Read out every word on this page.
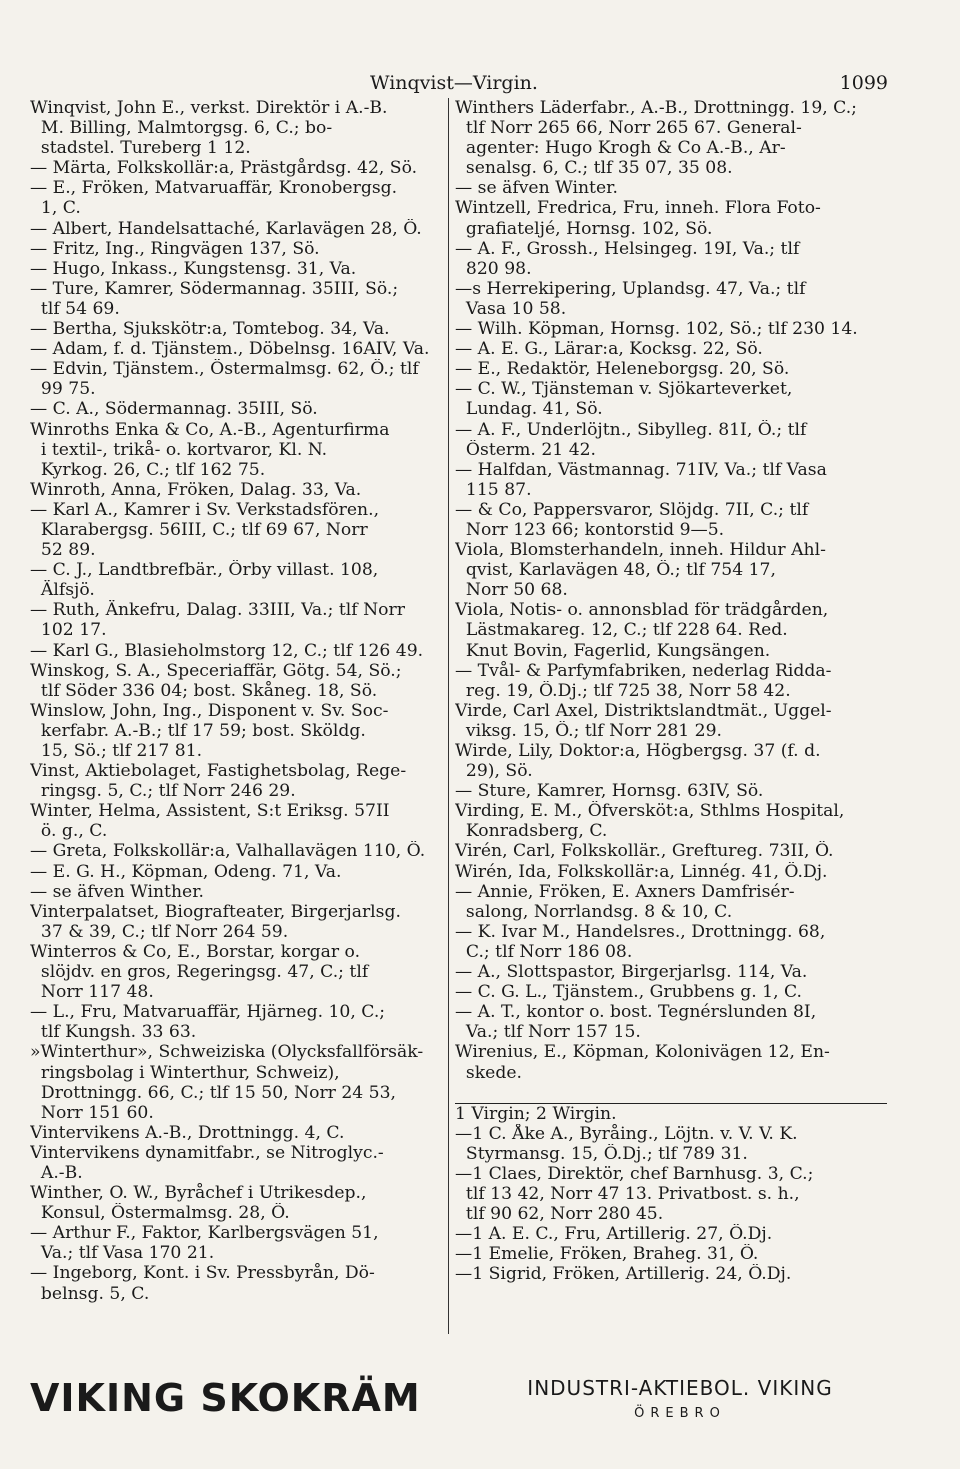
Winqvist—Virgin.	1099
Winqvist, John E., verkst. Direktör i A.-B.
M. Billing, Malmtorgsg. 6, C.; bo-
stadstel. Tureberg 1 12.
— Märta, Folkskollär:a, Prästgårdsg. 42, Sö.
— E., Fröken, Matvaruaffär, Kronobergsg.
1, C.
— Albert, Handelsattaché, Karlavägen 28, Ö.
— Fritz, Ing., Ringvägen 137, Sö.
— Hugo, Inkass., Kungstensg. 31, Va.
— Ture, Kamrer, Södermannag. 35III, Sö.;
tlf 54 69.
— Bertha, Sjukskötr:a, Tomtebog. 34, Va.
— Adam, f. d. Tjänstem., Döbelnsg. 16AIV, Va.
— Edvin, Tjänstem., Östermalmsg. 62, Ö.; tlf
99 75.
— C. A., Södermannag. 35III, Sö.
Winroths Enka & Co, A.-B., Agenturfirma
i textil-, trikå- o. kortvaror, Kl. N.
Kyrkog. 26, C.; tlf 162 75.
Winroth, Anna, Fröken, Dalag. 33, Va.
— Karl A., Kamrer i Sv. Verkstadsfören.,
Klarabergsg. 56III, C.; tlf 69 67, Norr
52 89.
— C. J., Landtbrefbär., Örby villast. 108,
Älfsjö.
— Ruth, Änkefru, Dalag. 33III, Va.; tlf Norr
102 17.
— Karl G., Blasieholmstorg 12, C.; tlf 126 49.
Winskog, S. A., Speceriaffär, Götg. 54, Sö.;
tlf Söder 336 04; bost. Skåneg. 18, Sö.
Winslow, John, Ing., Disponent v. Sv. Soc-
kerfabr. A.-B.; tlf 17 59; bost. Sköldg.
15, Sö.; tlf 217 81.
Vinst, Aktiebolaget, Fastighetsbolag, Rege-
ringsg. 5, C.; tlf Norr 246 29.
Winter, Helma, Assistent, S:t Eriksg. 57II
ö. g., C.
— Greta, Folkskollär:a, Valhallavägen 110, Ö.
— E. G. H., Köpman, Odeng. 71, Va.
— se äfven Winther.
Vinterpalatset, Biografteater, Birgerjarlsg.
37 & 39, C.; tlf Norr 264 59.
Winterros & Co, E., Borstar, korgar o.
slöjdv. en gros, Regeringsg. 47, C.; tlf
Norr 117 48.
— L., Fru, Matvaruaffär, Hjärneg. 10, C.;
tlf Kungsh. 33 63.
»Winterthur», Schweiziska (Olycksfallförsäk-
ringsbolag i Winterthur, Schweiz),
Drottningg. 66, C.; tlf 15 50, Norr 24 53,
Norr 151 60.
Vintervikens A.-B., Drottningg. 4, C.
Vintervikens dynamitfabr., se Nitroglyc.-
A.-B.
Winther, O. W., Byråchef i Utrikesdep.,
Konsul, Östermalmsg. 28, Ö.
— Arthur F., Faktor, Karlbergsvägen 51,
Va.; tlf Vasa 170 21.
— Ingeborg, Kont. i Sv. Pressbyrån, Dö-
belnsg. 5, C.
Winthers Läderfabr., A.-B., Drottningg. 19, C.;
tlf Norr 265 66, Norr 265 67. General-
agenter: Hugo Krogh & Co A.-B., Ar-
senalsg. 6, C.; tlf 35 07, 35 08.
— se äfven Winter.
Wintzell, Fredrica, Fru, inneh. Flora Foto-
grafiateljé, Hornsg. 102, Sö.
— A. F., Grossh., Helsingeg. 19I, Va.; tlf
820 98.
—s Herrekipering, Uplandsg. 47, Va.; tlf
Vasa 10 58.
— Wilh. Köpman, Hornsg. 102, Sö.; tlf 230 14.
— A. E. G., Lärar:a, Kocksg. 22, Sö.
— E., Redaktör, Heleneborgsg. 20, Sö.
— C. W., Tjänsteman v. Sjökarteverket,
Lundag. 41, Sö.
— A. F., Underlöjtn., Sibylleg. 81I, Ö.; tlf
Österm. 21 42.
— Halfdan, Västmannag. 71IV, Va.; tlf Vasa
115 87.
— & Co, Pappersvaror, Slöjdg. 7II, C.; tlf
Norr 123 66; kontorstid 9—5.
Viola, Blomsterhandeln, inneh. Hildur Ahl-
qvist, Karlavägen 48, Ö.; tlf 754 17,
Norr 50 68.
Viola, Notis- o. annonsblad för trädgården,
Lästmakareg. 12, C.; tlf 228 64. Red.
Knut Bovin, Fagerlid, Kungsängen.
— Tvål- & Parfymfabriken, nederlag Ridda-
reg. 19, Ö.Dj.; tlf 725 38, Norr 58 42.
Virde, Carl Axel, Distriktslandtmät., Uggel-
viksg. 15, Ö.; tlf Norr 281 29.
Wirde, Lily, Doktor:a, Högbergsg. 37 (f. d.
29), Sö.
— Sture, Kamrer, Hornsg. 63IV, Sö.
Virding, E. M., Öfversköt:a, Sthlms Hospital,
Konradsberg, C.
Virén, Carl, Folkskollär., Greftureg. 73II, Ö.
Wirén, Ida, Folkskollär:a, Linnég. 41, Ö.Dj.
— Annie, Fröken, E. Axners Damfrisér-
salong, Norrlandsg. 8 & 10, C.
— K. Ivar M., Handelsres., Drottningg. 68,
C.; tlf Norr 186 08.
— A., Slottspastor, Birgerjarlsg. 114, Va.
— C. G. L., Tjänstem., Grubbens g. 1, C.
— A. T., kontor o. bost. Tegnérslunden 8I,
Va.; tlf Norr 157 15.
Wirenius, E., Köpman, Kolonivägen 12, En-
skede.
1 Virgin; 2 Wirgin.
—1 C. Åke A., Byråing., Löjtn. v. V. V. K.
Styrmansg. 15, Ö.Dj.; tlf 789 31.
—1 Claes, Direktör, chef Barnhusg. 3, C.;
tlf 13 42, Norr 47 13. Privatbost. s. h.,
tlf 90 62, Norr 280 45.
—1 A. E. C., Fru, Artillerig. 27, Ö.Dj.
—1 Emelie, Fröken, Braheg. 31, Ö.
—1 Sigrid, Fröken, Artillerig. 24, Ö.Dj.
VIKING SKOKRÄM	INDUSTRI-AKTIEBOL. VIKING
ÖREBRO
